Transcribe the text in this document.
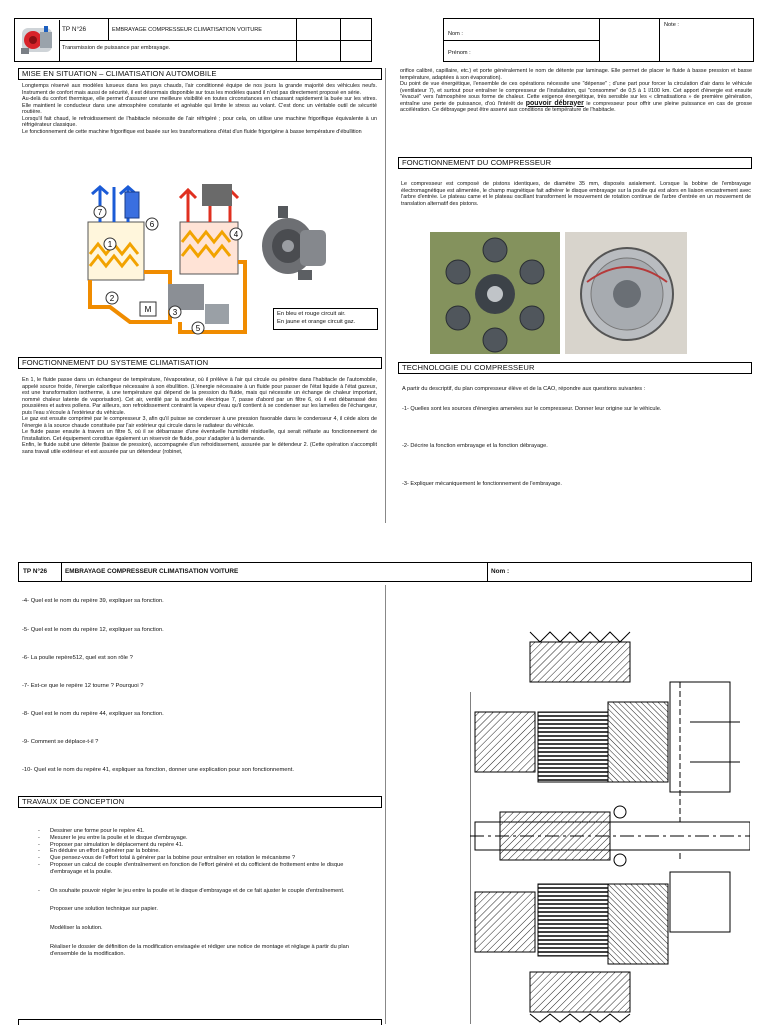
TP N°26	EMBRAYAGE COMPRESSEUR CLIMATISATION VOITURE
Transmission de puissance par embrayage.
Nom :
Prénom :
Note :
MISE EN SITUATION – CLIMATISATION AUTOMOBILE
Longtemps réservé aux modèles luxueux dans les pays chauds, l'air conditionné équipe de nos jours la grande majorité des véhicules neufs. Instrument de confort mais aussi de sécurité, il est désormais disponible sur tous les modèles quand il n'est pas directement proposé en série.
Au-delà du confort thermique, elle permet d'assurer une meilleure visibilité en toutes circonstances en chassant rapidement la buée sur les vitres. Elle maintient le conducteur dans une atmosphère constante et agréable qui limite le stress au volant. C'est donc un véritable outil de sécurité routière.
Lorsqu'il fait chaud, le refroidissement de l'habitacle nécessite de l'air réfrigéré ; pour cela, on utilise une machine frigorifique équivalente à un réfrigérateur classique.
Le fonctionnement de cette machine frigorifique est basée sur les transformations d'état d'un fluide frigorigène à basse température d'ébullition
7
1
6
2
M	3
4
5
En bleu et rouge circuit air.
En jaune et orange circuit gaz.
FONCTIONNEMENT DU SYSTEME CLIMATISATION
En 1, le fluide passe dans un échangeur de température, l'évaporateur, où il prélève à l'air qui circule ou pénètre dans l'habitacle de l'automobile, appelé source froide, l'énergie calorifique nécessaire à son ébullition. (L'énergie nécessaire à un fluide pour passer de l'état liquide à l'état gazeux, est une transformation isotherme, à une température qui dépend de la pression du fluide, mais qui nécessite un échange de chaleur important, nommé chaleur latente de vaporisation). Cet air, ventilé par la soufflerie électrique 7, passe d'abord par un filtre 6, où il est débarrassé des poussières et autres pollens. Par ailleurs, son refroidissement contraint la vapeur d'eau qu'il contient à se condenser sur les lamelles de l'échangeur, puis l'eau s'écoule à l'extérieur du véhicule.
Le gaz est ensuite comprimé par le compresseur 3, afin qu'il puisse se condenser à une pression favorable dans le condenseur 4, il cède alors de l'énergie à la source chaude constituée par l'air extérieur qui circule dans le radiateur du véhicule.
Le fluide passe ensuite à travers un filtre 5, où il se débarrasse d'une éventuelle humidité résiduelle, qui serait néfaste au fonctionnement de l'installation. Cet équipement constitue également un réservoir de fluide, pour s'adapter à la demande.
Enfin, le fluide subit une détente (baisse de pression), accompagnée d'un refroidissement, assurée par le détendeur 2. (Cette opération s'accomplit sans travail utile extérieur et est assurée par un détendeur (robinet,
orifice calibré, capillaire, etc.) et porte généralement le nom de détente par laminage. Elle permet de placer le fluide à basse pression et basse température, adaptées à son évaporation).
Du point de vue énergétique, l'ensemble de ces opérations nécessite une "dépense" ; d'une part pour forcer la circulation d'air dans le véhicule (ventilateur 7), et surtout pour entraîner le compresseur de l'installation, qui "consomme" de 0,5 à 1 l/100 km. Cet apport d'énergie est ensuite "évacué" vers l'atmosphère sous forme de chaleur. Cette exigence énergétique, très sensible sur les « climatisations » de première génération, entraîne une perte de puissance, d'où l'intérêt de pouvoir débrayer le compresseur pour offrir une pleine puissance en cas de grosse accélération. Ce débrayage peut être asservi aux conditions de température de l'habitacle.
FONCTIONNEMENT DU COMPRESSEUR
Le compresseur est composé de pistons identiques, de diamètre 35 mm, disposés axialement. Lorsque la bobine de l'embrayage électromagnétique est alimentée, le champ magnétique fait adhérer le disque embrayage sur la poulie qui est alors en liaison encastrement avec l'arbre d'entrée. Le plateau came et le plateau oscillant transforment le mouvement de rotation continue de l'arbre d'entrée en un mouvement de translation alternatif des pistons.
TECHNOLOGIE DU COMPRESSEUR
A partir du descriptif, du plan compresseur élève et de la CAO, répondre aux questions suivantes :
-1- Quelles sont les sources d'énergies amenées sur le compresseur. Donner leur origine sur le véhicule.
-2- Décrire la fonction embrayage et la fonction débrayage.
-3- Expliquer mécaniquement le fonctionnement de l'embrayage.
TP N°26	EMBRAYAGE COMPRESSEUR CLIMATISATION VOITURE	Nom :
-4- Quel est le nom du repère 39, expliquer sa fonction.
-5- Quel est le nom du repère 12, expliquer sa fonction.
-6- La poulie repère512, quel est son rôle ?
-7- Est-ce que le repère 12 tourne ? Pourquoi ?
-8- Quel est le nom du repère 44, expliquer sa fonction.
-9- Comment se déplace-t-il ?
-10- Quel est le nom du repère 41, expliquer sa fonction, donner une explication pour son fonctionnement.
TRAVAUX DE CONCEPTION
- Dessiner une forme pour le repère 41.
- Mesurer le jeu entre la poulie et le disque d'embrayage.
- Proposer par simulation le déplacement du repère 41.
- En déduire un effort à générer par la bobine.
- Que pensez-vous de l'effort total à générer par la bobine pour entraîner en rotation le mécanisme ?
- Proposer un calcul de couple d'entraînement en fonction de l'effort généré et du cofficient de frottement entre le disque d'embrayage et la poulie.
- On souhaite pouvoir régler le jeu entre la poulie et le disque d'embrayage et de ce fait ajuster le couple d'entraînement.
Proposer une solution technique sur papier.
Modéliser la solution.
Réaliser le dossier de définition de la modification envisagée et rédiger une notice de montage et réglage à partir du plan d'ensemble de la modification.
